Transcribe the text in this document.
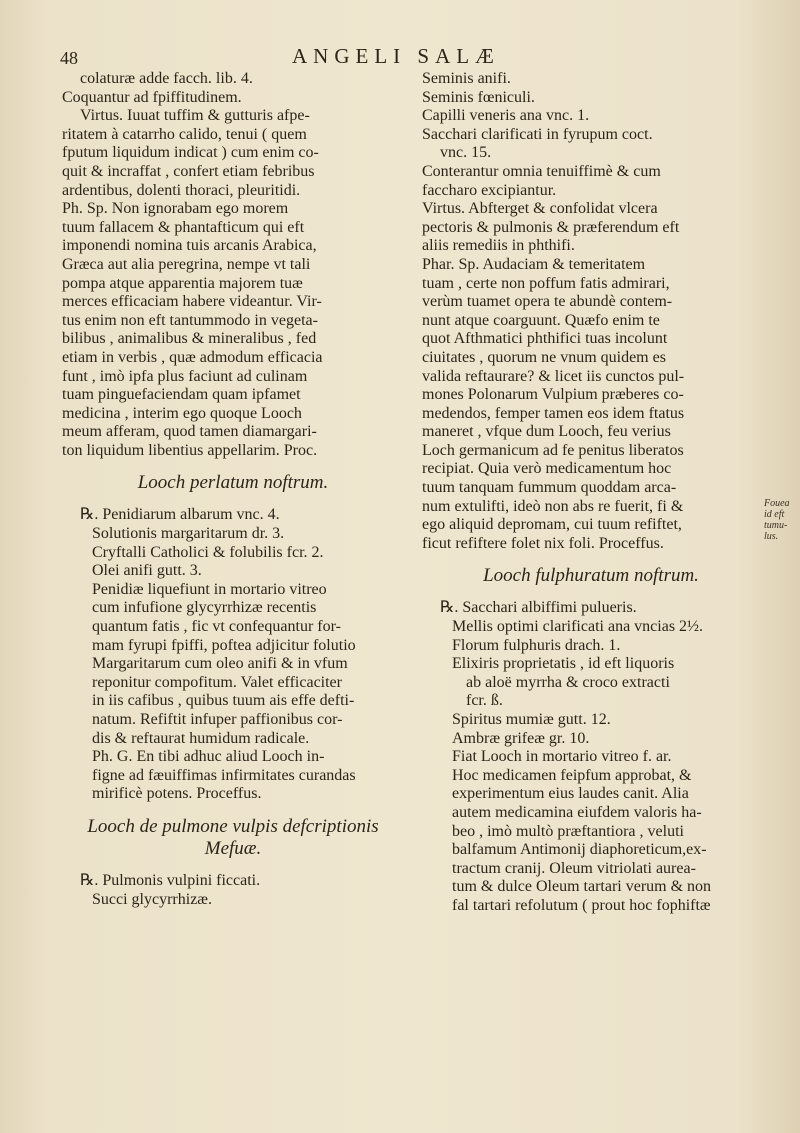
48	ANGELI SALÆ
colaturæ adde facch. lib. 4.
Coquantur ad fpiffitudinem.
Virtus. Iuuat tuffim & gutturis afpe-
ritatem à catarrho calido, tenui ( quem
fputum liquidum indicat ) cum enim co-
quit & incraffat , confert etiam febribus
ardentibus, dolenti thoraci, pleuritidi.
Ph. Sp. Non ignorabam ego morem
tuum fallacem & phantafticum qui eft
imponendi nomina tuis arcanis Arabica,
Græca aut alia peregrina, nempe vt tali
pompa atque apparentia majorem tuæ
merces efficaciam habere videantur. Vir-
tus enim non eft tantummodo in vegeta-
bilibus , animalibus & mineralibus , fed
etiam in verbis , quæ admodum efficacia
funt , imò ipfa plus faciunt ad culinam
tuam pinguefaciendam quam ipfamet
medicina , interim ego quoque Looch
meum afferam, quod tamen diamargari-
ton liquidum libentius appellarim. Proc.
Looch perlatum noftrum.
℞. Penidiarum albarum vnc. 4.
Solutionis margaritarum dr. 3.
Cryftalli Catholici & folubilis fcr. 2.
Olei anifi gutt. 3.
Penidiæ liquefiunt in mortario vitreo
cum infufione glycyrrhizæ recentis
quantum fatis , fic vt confequantur for-
mam fyrupi fpiffi, poftea adjicitur folutio
Margaritarum cum oleo anifi & in vfum
reponitur compofitum. Valet efficaciter
in iis cafibus , quibus tuum ais effe defti-
natum. Refiftit infuper paffionibus cor-
dis & reftaurat humidum radicale.
Ph. G. En tibi adhuc aliud Looch in-
figne ad fæuiffimas infirmitates curandas
mirificè potens. Proceffus.
Looch de pulmone vulpis defcriptionis
Mefuæ.
℞. Pulmonis vulpini ficcati.
Succi glycyrrhizæ.
Seminis anifi.
Seminis fœniculi.
Capilli veneris ana vnc. 1.
Sacchari clarificati in fyrupum coct.
vnc. 15.
Conterantur omnia tenuiffimè & cum
faccharo excipiantur.
Virtus. Abfterget & confolidat vlcera
pectoris & pulmonis & præferendum eft
aliis remediis in phthifi.
Phar. Sp. Audaciam & temeritatem
tuam , certe non poffum fatis admirari,
verùm tuamet opera te abundè contem-
nunt atque coarguunt. Quæfo enim te
quot Afthmatici phthifici tuas incolunt
ciuitates , quorum ne vnum quidem es
valida reftaurare? & licet iis cunctos pul-
mones Polonarum Vulpium præberes co-
medendos, femper tamen eos idem ftatus
maneret , vfque dum Looch, feu verius
Loch germanicum ad fe penitus liberatos
recipiat. Quia verò medicamentum hoc
tuum tanquam fummum quoddam arca-
num extulifti, ideò non abs re fuerit, fi &
ego aliquid depromam, cui tuum refiftet,
ficut refiftere folet nix foli. Proceffus.
Looch fulphuratum noftrum.
℞. Sacchari albiffimi pulueris.
Mellis optimi clarificati ana vncias 2½.
Florum fulphuris drach. 1.
Elixiris proprietatis , id eft liquoris
ab aloë myrrha & croco extracti
fcr. ß.
Spiritus mumiæ gutt. 12.
Ambræ grifeæ gr. 10.
Fiat Looch in mortario vitreo f. ar.
Hoc medicamen feipfum approbat, &
experimentum eius laudes canit. Alia
autem medicamina eiufdem valoris ha-
beo , imò multò præftantiora , veluti
balfamum Antimonij diaphoreticum,ex-
tractum cranij. Oleum vitriolati aurea-
tum & dulce Oleum tartari verum & non
fal tartari refolutum ( prout hoc fophiftæ
Fouea
id eft
tumu-
lus.
